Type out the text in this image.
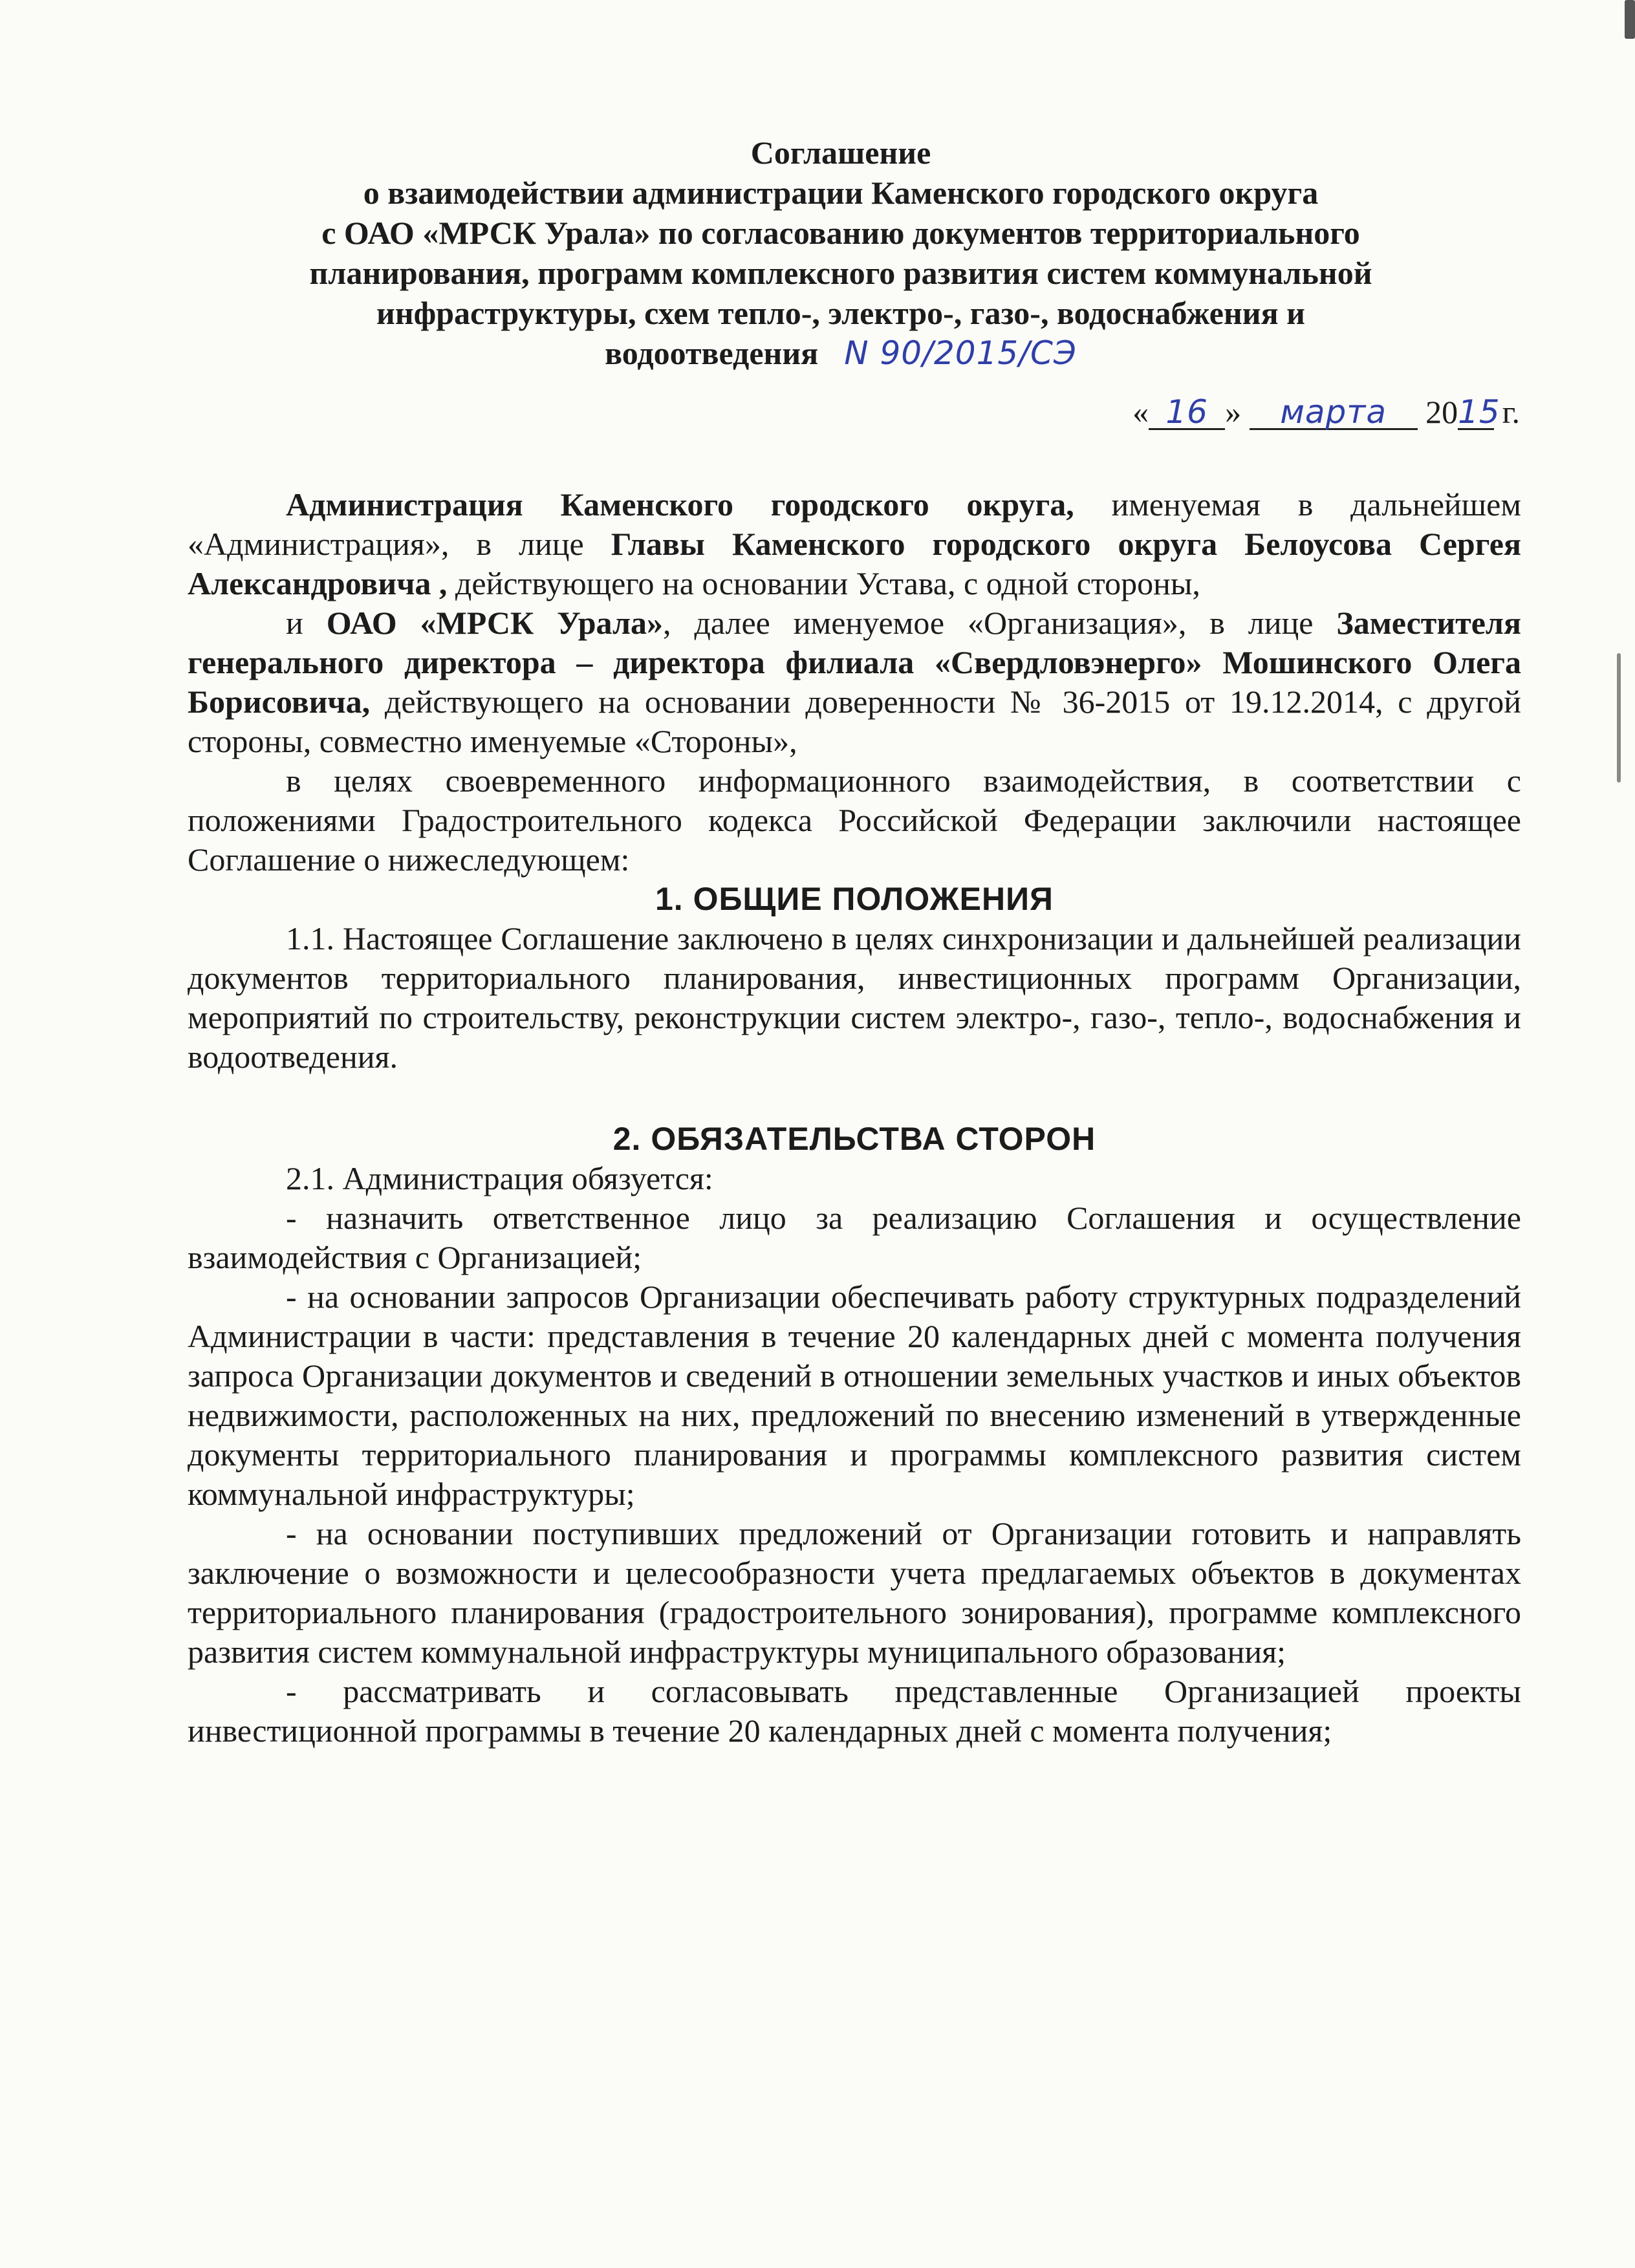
Соглашение
о взаимодействии администрации Каменского городского округа
с ОАО «МРСК Урала» по согласованию документов территориального
планирования, программ комплексного развития систем коммунальной
инфраструктуры, схем тепло-, электро-, газо-, водоснабжения и
водоотведения N 90/2015/СЭ
« 16 » марта 2015 г.

Администрация Каменского городского округа, именуемая в дальнейшем «Администрация», в лице Главы Каменского городского округа Белоусова Сергея Александровича , действующего на основании Устава, с одной стороны,

и ОАО «МРСК Урала», далее именуемое «Организация», в лице Заместителя генерального директора – директора филиала «Свердловэнерго» Мошинского Олега Борисовича, действующего на основании доверенности № 36-2015 от 19.12.2014, с другой стороны, совместно именуемые «Стороны»,

в целях своевременного информационного взаимодействия, в соответствии с положениями Градостроительного кодекса Российской Федерации заключили настоящее Соглашение о нижеследующем:

1. ОБЩИЕ ПОЛОЖЕНИЯ

1.1. Настоящее Соглашение заключено в целях синхронизации и дальнейшей реализации документов территориального планирования, инвестиционных программ Организации, мероприятий по строительству, реконструкции систем электро-, газо-, тепло-, водоснабжения и водоотведения.

2. ОБЯЗАТЕЛЬСТВА СТОРОН

2.1. Администрация обязуется:

- назначить ответственное лицо за реализацию Соглашения и осуществление взаимодействия с Организацией;

- на основании запросов Организации обеспечивать работу структурных подразделений Администрации в части: представления в течение 20 календарных дней с момента получения запроса Организации документов и сведений в отношении земельных участков и иных объектов недвижимости, расположенных на них, предложений по внесению изменений в утвержденные документы территориального планирования и программы комплексного развития систем коммунальной инфраструктуры;

- на основании поступивших предложений от Организации готовить и направлять заключение о возможности и целесообразности учета предлагаемых объектов в документах территориального планирования (градостроительного зонирования), программе комплексного развития систем коммунальной инфраструктуры муниципального образования;

- рассматривать и согласовывать представленные Организацией проекты инвестиционной программы в течение 20 календарных дней с момента получения;
